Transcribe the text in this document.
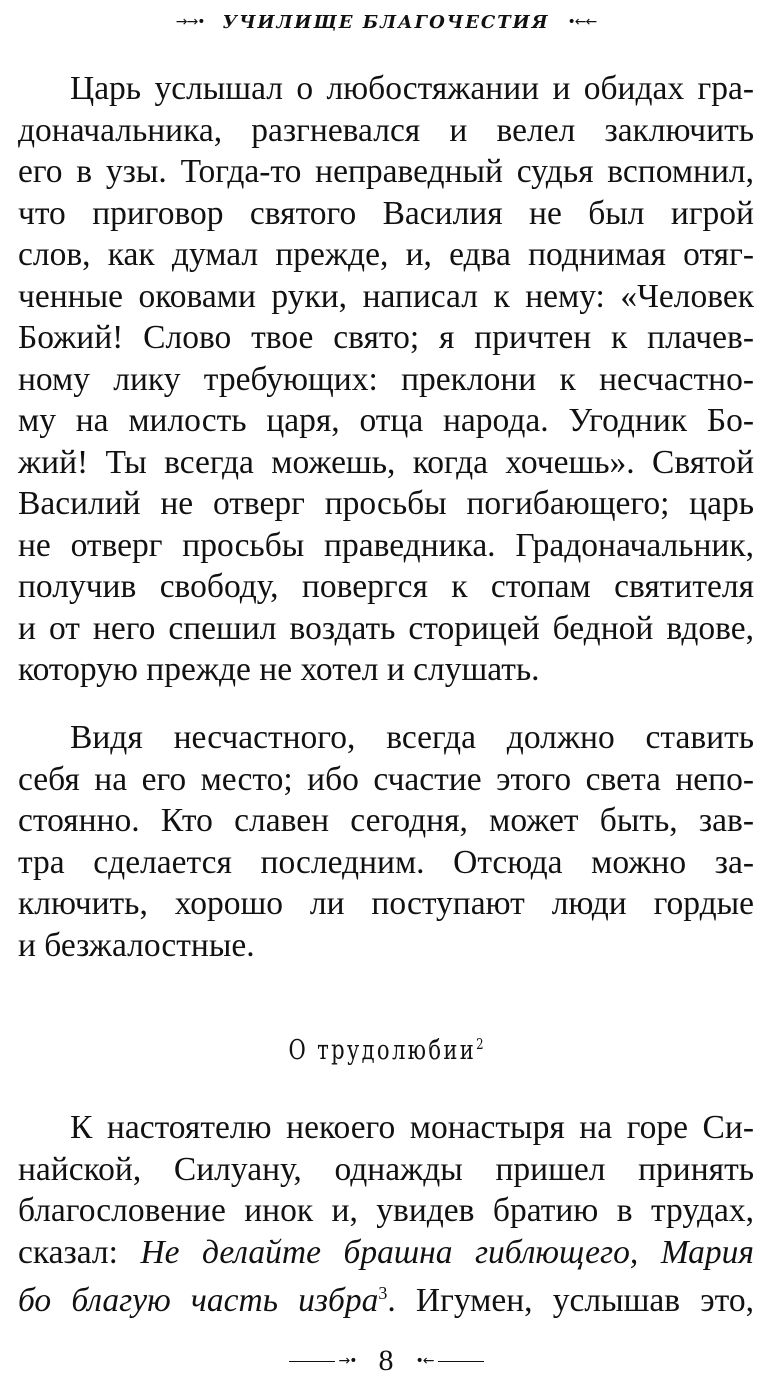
→→• УЧИЛИЩЕ БЛАГОЧЕСТИЯ •←←
Царь услышал о любостяжании и обидах гра-
доначальника, разгневался и велел заключить
его в узы. Тогда-то неправедный судья вспомнил,
что приговор святого Василия не был игрой
слов, как думал прежде, и, едва поднимая отяг-
ченные оковами руки, написал к нему: «Человек
Божий! Слово твое свято; я причтен к плачев-
ному лику требующих: преклони к несчастно-
му на милость царя, отца народа. Угодник Бо-
жий! Ты всегда можешь, когда хочешь». Святой
Василий не отверг просьбы погибающего; царь
не отверг просьбы праведника. Градоначальник,
получив свободу, повергся к стопам святителя
и от него спешил воздать сторицей бедной вдове,
которую прежде не хотел и слушать.
Видя несчастного, всегда должно ставить
себя на его место; ибо счастие этого света непо-
стоянно. Кто славен сегодня, может быть, зав-
тра сделается последним. Отсюда можно за-
ключить, хорошо ли поступают люди гордые
и безжалостные.
О трудолюбии$^2$
К настоятелю некоего монастыря на горе Си-
найской, Силуану, однажды пришел принять
благословение инок и, увидев братию в трудах,
сказал: Не делайте брашна гиблющего, Мария
бо благую часть избра$^3$. Игумен, услышав это,
→• 8 •←
